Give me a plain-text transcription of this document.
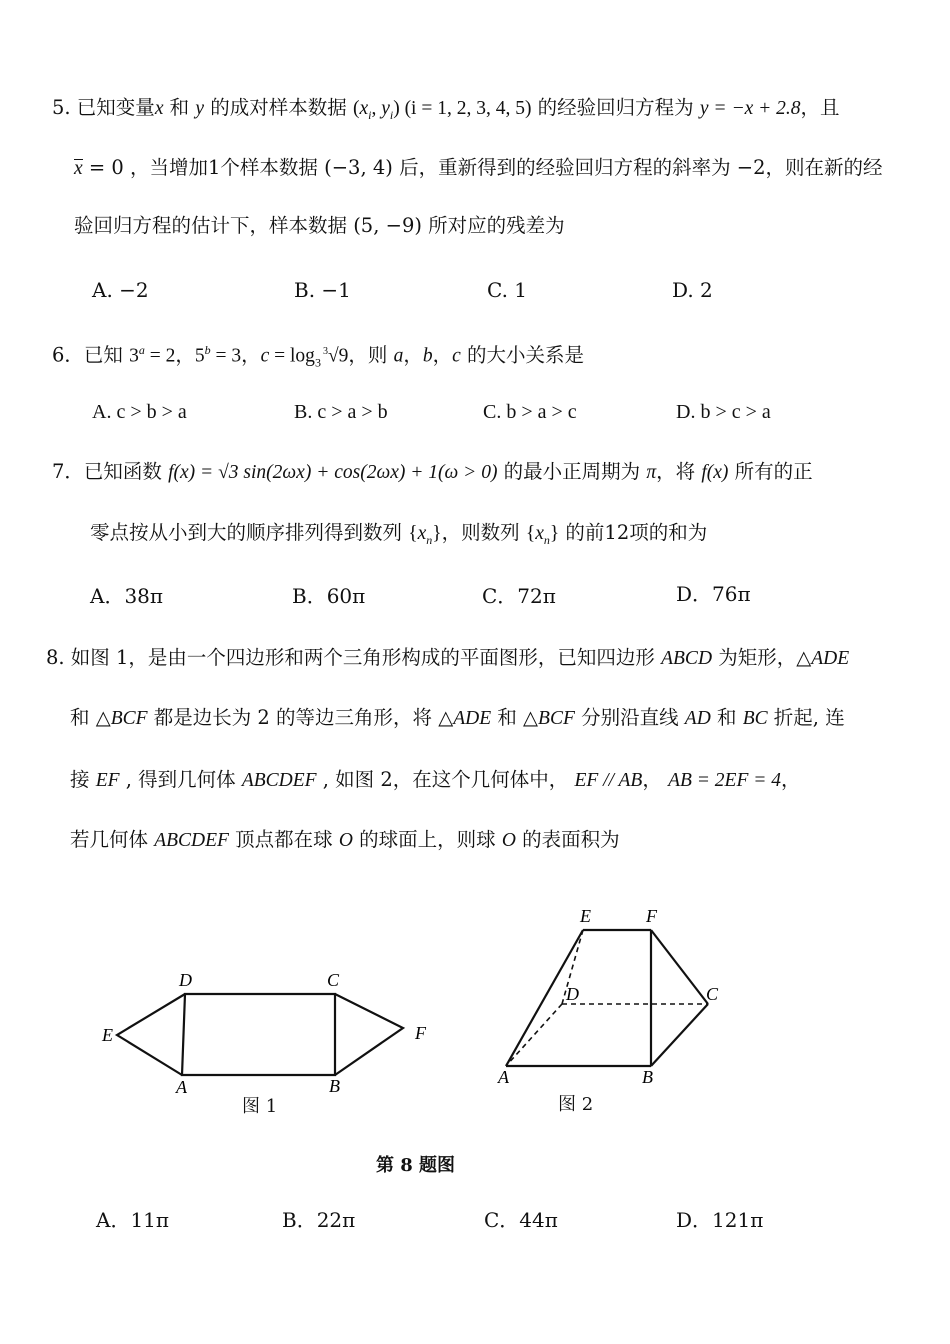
5. 已知变量x 和 y 的成对样本数据 ($x_i$, $y_i$) (i = 1, 2, 3, 4, 5) 的经验回归方程为 y = −x + 2.8，且
x = 0 ，当增加1个样本数据 (−3, 4) 后，重新得到的经验回归方程的斜率为 −2，则在新的经
验回归方程的估计下，样本数据 (5, −9) 所对应的残差为
A. −2	B. −1	C. 1	D. 2
6．已知 $3^a = 2$，$5^b = 3$，$c = \log_3^3√9$，则 a，b，c 的大小关系是
A. c > b > a	B. c > a > b	C. b > a > c	D. b > c > a
7．已知函数 f(x) = √3 sin(2ωx) + cos(2ωx) + 1(ω > 0) 的最小正周期为 π，将 f(x) 所有的正
零点按从小到大的顺序排列得到数列 $\{x_n\}$，则数列 $\{x_n\}$ 的前12项的和为
A．38π	B．60π	C．72π	D．76π
8. 如图 1，是由一个四边形和两个三角形构成的平面图形，已知四边形 ABCD 为矩形，△ADE
和 △BCF 都是边长为 2 的等边三角形，将 △ADE 和 △BCF 分别沿直线 AD 和 BC 折起, 连
接 EF , 得到几何体 ABCDEF , 如图 2，在这个几何体中， EF // AB， AB = 2EF = 4，
若几何体 ABCDEF 顶点都在球 O 的球面上，则球 O 的表面积为
D	C
E	F
A	B
图 1
E	F
D	C
A	B
图 2
第 8 题图
A．11π	B．22π	C．44π	D．121π
